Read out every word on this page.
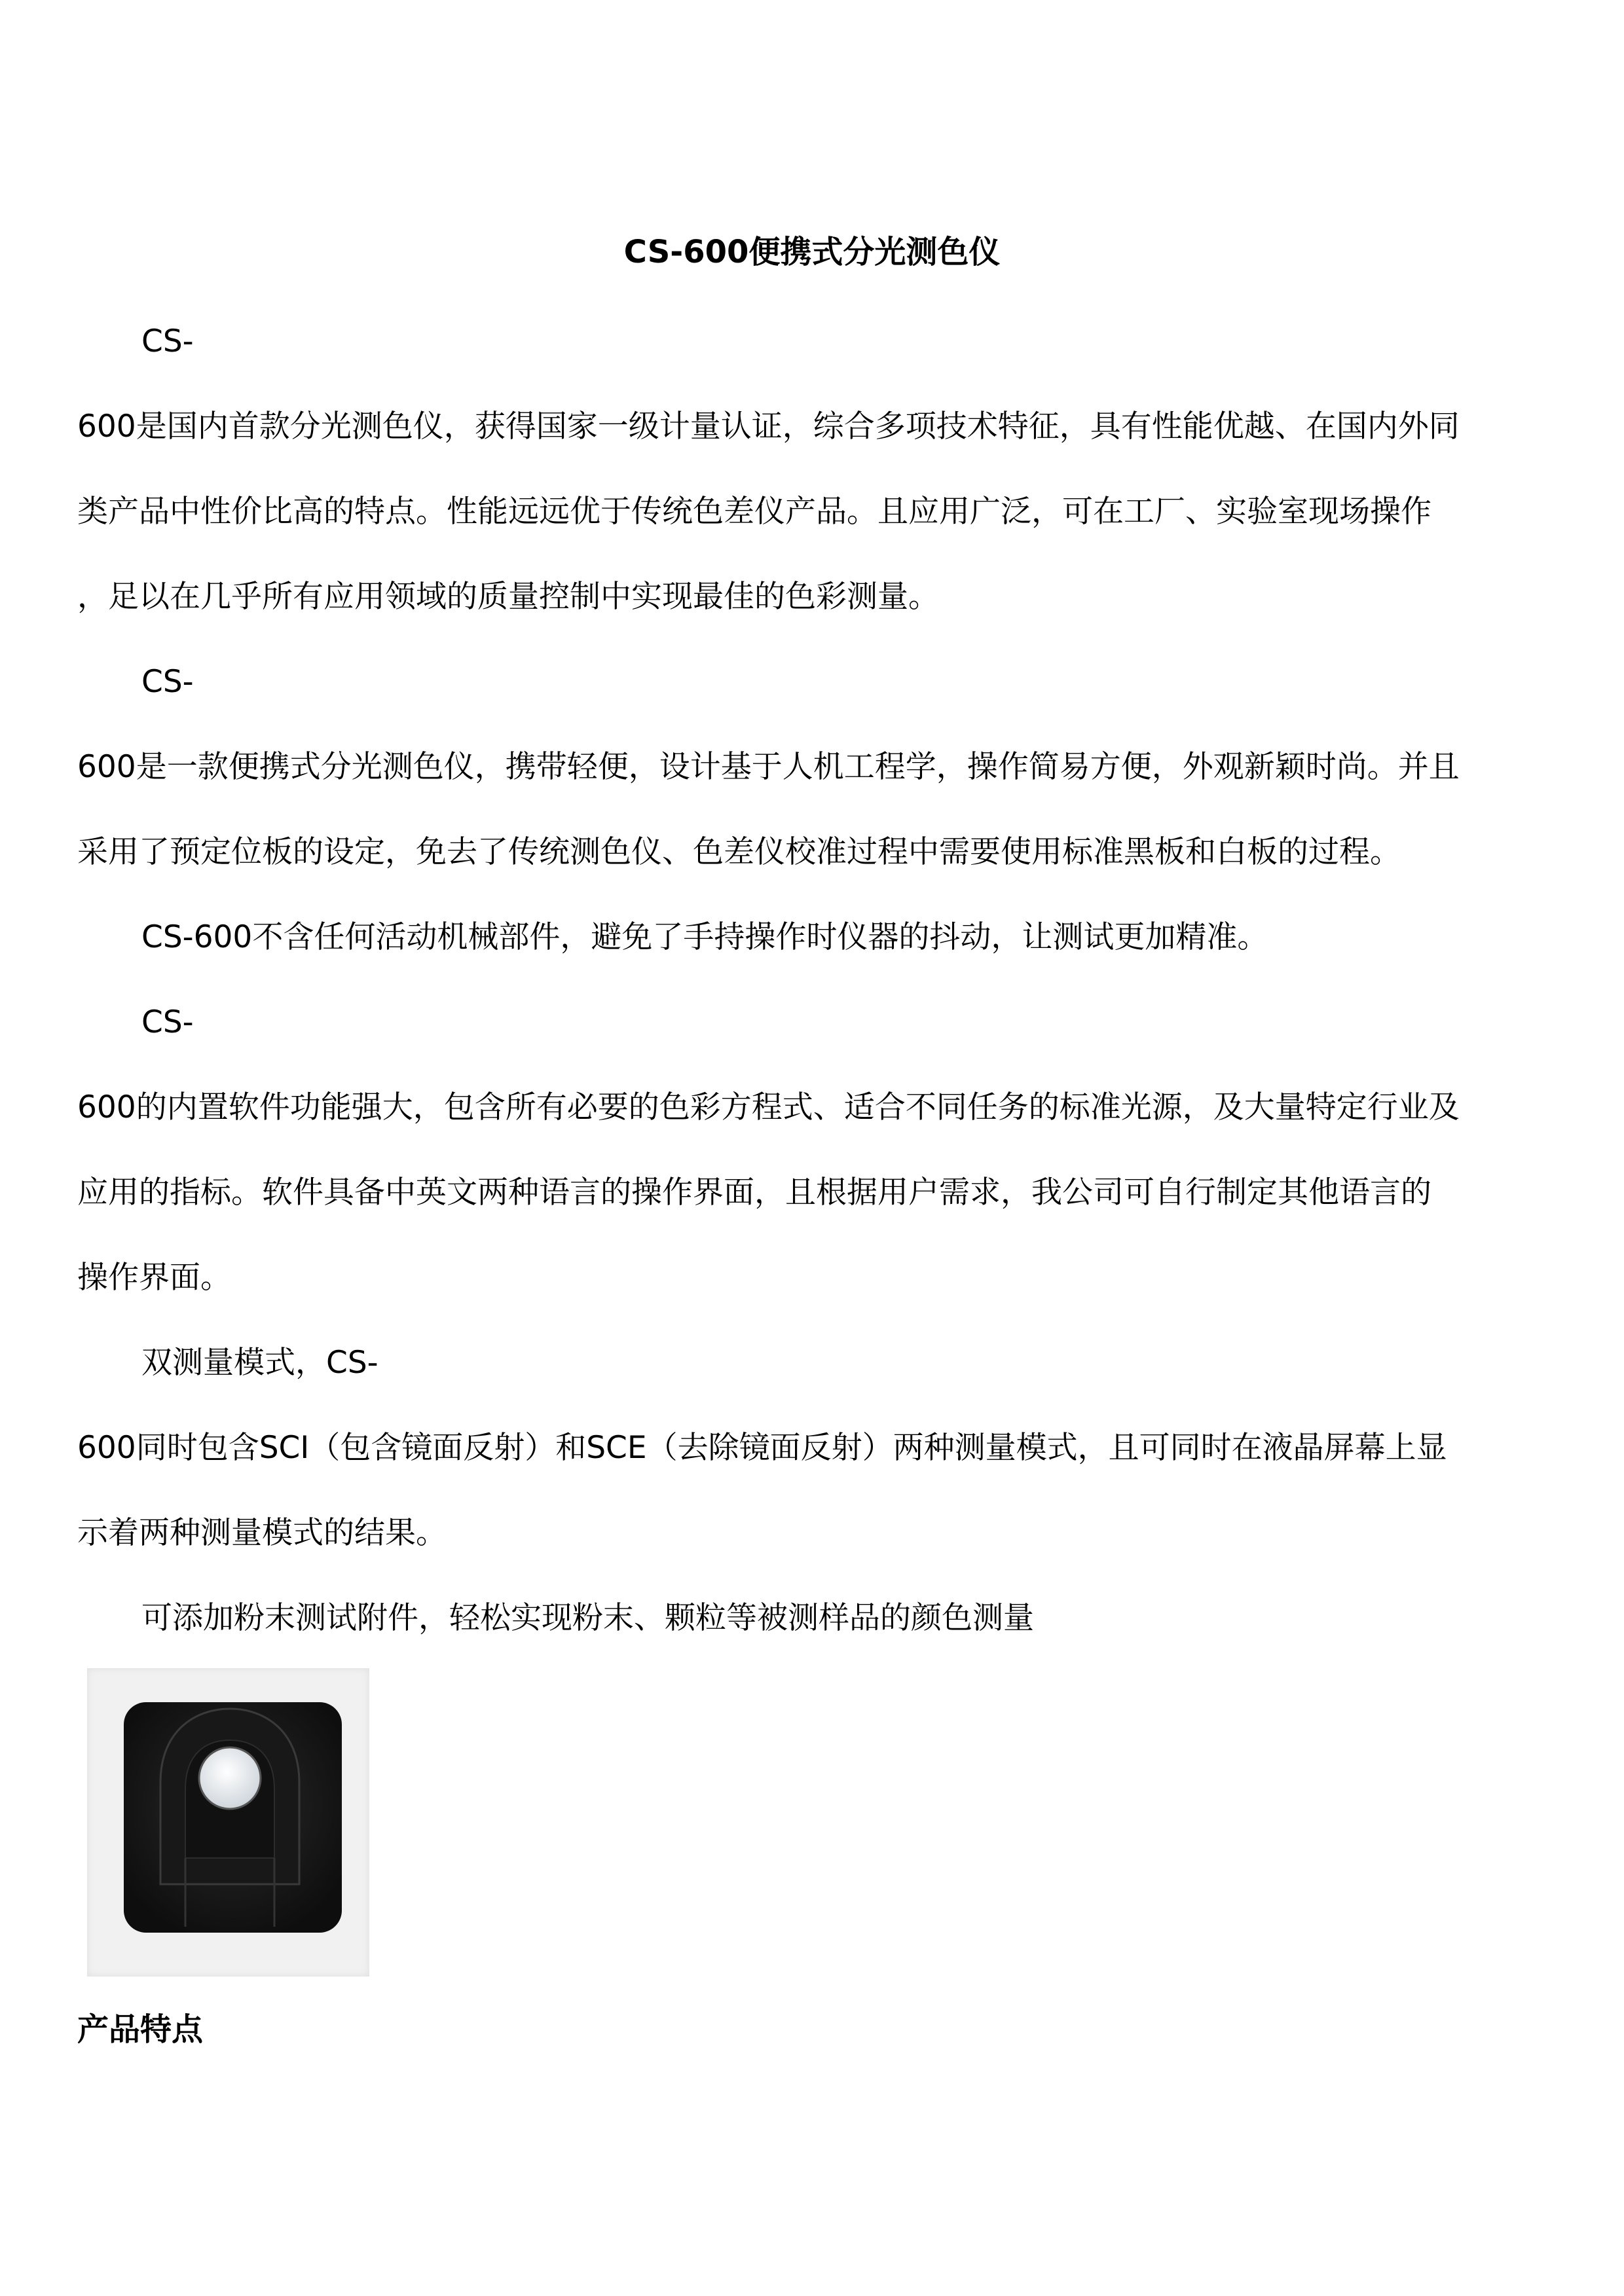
CS-600便携式分光测色仪
CS-
600是国内首款分光测色仪，获得国家一级计量认证，综合多项技术特征，具有性能优越、在国内外同
类产品中性价比高的特点。性能远远优于传统色差仪产品。且应用广泛，可在工厂、实验室现场操作
，足以在几乎所有应用领域的质量控制中实现最佳的色彩测量。
CS-
600是一款便携式分光测色仪，携带轻便，设计基于人机工程学，操作简易方便，外观新颖时尚。并且
采用了预定位板的设定，免去了传统测色仪、色差仪校准过程中需要使用标准黑板和白板的过程。
CS-600不含任何活动机械部件，避免了手持操作时仪器的抖动，让测试更加精准。
CS-
600的内置软件功能强大，包含所有必要的色彩方程式、适合不同任务的标准光源，及大量特定行业及
应用的指标。软件具备中英文两种语言的操作界面，且根据用户需求，我公司可自行制定其他语言的
操作界面。
双测量模式，CS-
600同时包含SCI（包含镜面反射）和SCE（去除镜面反射）两种测量模式，且可同时在液晶屏幕上显
示着两种测量模式的结果。
可添加粉末测试附件，轻松实现粉末、颗粒等被测样品的颜色测量
产品特点
